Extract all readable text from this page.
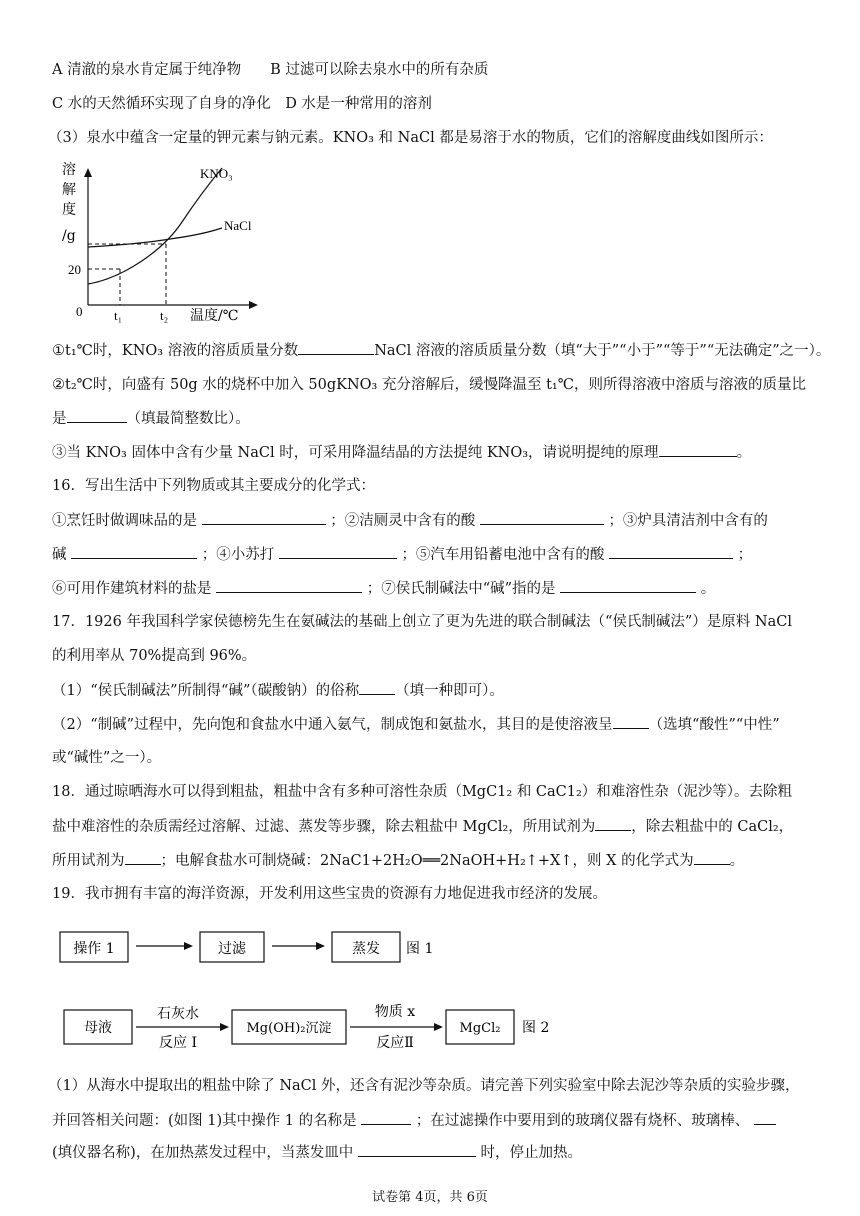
A 清澈的泉水肯定属于纯净物　　B 过滤可以除去泉水中的所有杂质
C 水的天然循环实现了自身的净化　D 水是一种常用的溶剂
（3）泉水中蕴含一定量的钾元素与钠元素。KNO₃ 和 NaCl 都是易溶于水的物质，它们的溶解度曲线如图所示：
溶
解
度
/g
KNO₃
NaCl
20
0 t₁	t₂ 温度/℃
①t₁℃时，KNO₃ 溶液的溶质质量分数	NaCl 溶液的溶质质量分数（填“大于”“小于”“等于”“无法确定”之一）。
②t₂℃时，向盛有 50g 水的烧杯中加入 50gKNO₃ 充分溶解后，缓慢降温至 t₁℃，则所得溶液中溶质与溶液的质量比
是	（填最简整数比）。
③当 KNO₃ 固体中含有少量 NaCl 时，可采用降温结晶的方法提纯 KNO₃，请说明提纯的原理	。
16．写出生活中下列物质或其主要成分的化学式：
①烹饪时做调味品的是	；②洁厕灵中含有的酸	；③炉具清洁剂中含有的
碱	；④小苏打	；⑤汽车用铅蓄电池中含有的酸	；
⑥可用作建筑材料的盐是	；⑦侯氏制碱法中“碱”指的是	。
17．1926 年我国科学家侯德榜先生在氨碱法的基础上创立了更为先进的联合制碱法（“侯氏制碱法”）是原料 NaCl
的利用率从 70%提高到 96%。
（1）“侯氏制碱法”所制得“碱”（碳酸钠）的俗称 （填一种即可）。
（2）“制碱”过程中，先向饱和食盐水中通入氨气，制成饱和氨盐水，其目的是使溶液呈 （选填“酸性”“中性”
或“碱性”之一）。
18．通过晾晒海水可以得到粗盐，粗盐中含有多种可溶性杂质（MgC1₂ 和 CaC1₂）和难溶性杂（泥沙等）。去除粗
盐中难溶性的杂质需经过溶解、过滤、蒸发等步骤，除去粗盐中 MgCl₂，所用试剂为 ，除去粗盐中的 CaCl₂，
所用试剂为 ；电解食盐水可制烧碱：2NaC1+2H₂O══2NaOH+H₂↑+X↑，则 X 的化学式为 。
19．我市拥有丰富的海洋资源，开发利用这些宝贵的资源有力地促进我市经济的发展。
操作 1	过滤	蒸发 图 1
母液
石灰水
反应 I
Mg(OH)₂沉淀
物质 x
反应Ⅱ
MgCl₂ 图 2
（1）从海水中提取出的粗盐中除了 NaCl 外，还含有泥沙等杂质。请完善下列实验室中除去泥沙等杂质的实验步骤，
并回答相关问题：(如图 1)其中操作 1 的名称是	；在过滤操作中要用到的玻璃仪器有烧杯、玻璃棒、
(填仪器名称)，在加热蒸发过程中，当蒸发皿中	时，停止加热。
试卷第 4页，共 6页
